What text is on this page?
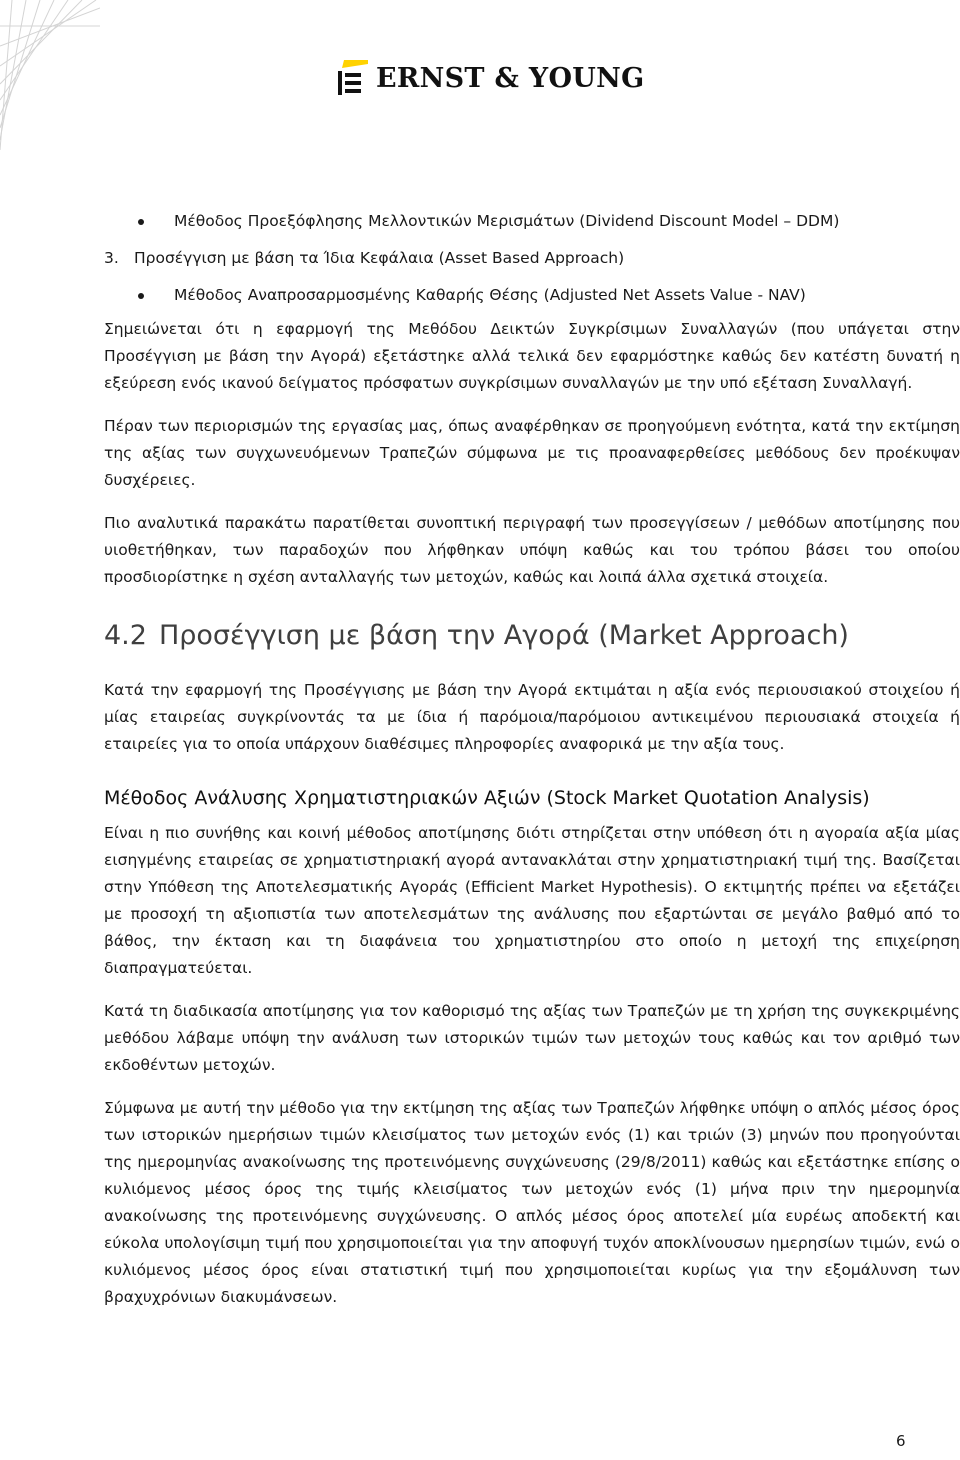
ERNST & YOUNG
Μέθοδος Προεξόφλησης Μελλοντικών Μερισμάτων (Dividend Discount Model – DDM)
3. Προσέγγιση με βάση τα Ίδια Κεφάλαια (Asset Based Approach)
Μέθοδος Αναπροσαρμοσμένης Καθαρής Θέσης (Adjusted Net Assets Value - NAV)

Σημειώνεται ότι η εφαρμογή της Μεθόδου Δεικτών Συγκρίσιμων Συναλλαγών (που υπάγεται στην Προσέγγιση με βάση την Αγορά) εξετάστηκε αλλά τελικά δεν εφαρμόστηκε καθώς δεν κατέστη δυνατή η εξεύρεση ενός ικανού δείγματος πρόσφατων συγκρίσιμων συναλλαγών με την υπό εξέταση Συναλλαγή.

Πέραν των περιορισμών της εργασίας μας, όπως αναφέρθηκαν σε προηγούμενη ενότητα, κατά την εκτίμηση της αξίας των συγχωνευόμενων Τραπεζών σύμφωνα με τις προαναφερθείσες μεθόδους δεν προέκυψαν δυσχέρειες.

Πιο αναλυτικά παρακάτω παρατίθεται συνοπτική περιγραφή των προσεγγίσεων / μεθόδων αποτίμησης που υιοθετήθηκαν, των παραδοχών που λήφθηκαν υπόψη καθώς και του τρόπου βάσει του οποίου προσδιορίστηκε η σχέση ανταλλαγής των μετοχών, καθώς και λοιπά άλλα σχετικά στοιχεία.

4.2 Προσέγγιση με βάση την Αγορά (Market Approach)

Κατά την εφαρμογή της Προσέγγισης με βάση την Αγορά εκτιμάται η αξία ενός περιουσιακού στοιχείου ή μίας εταιρείας συγκρίνοντάς τα με ίδια ή παρόμοια/παρόμοιου αντικειμένου περιουσιακά στοιχεία ή εταιρείες για το οποία υπάρχουν διαθέσιμες πληροφορίες αναφορικά με την αξία τους.

Μέθοδος Ανάλυσης Χρηματιστηριακών Αξιών (Stock Market Quotation Analysis)

Είναι η πιο συνήθης και κοινή μέθοδος αποτίμησης διότι στηρίζεται στην υπόθεση ότι η αγοραία αξία μίας εισηγμένης εταιρείας σε χρηματιστηριακή αγορά αντανακλάται στην χρηματιστηριακή τιμή της. Βασίζεται στην Υπόθεση της Αποτελεσματικής Αγοράς (Efficient Market Hypothesis). Ο εκτιμητής πρέπει να εξετάζει με προσοχή τη αξιοπιστία των αποτελεσμάτων της ανάλυσης που εξαρτώνται σε μεγάλο βαθμό από το βάθος, την έκταση και τη διαφάνεια του χρηματιστηρίου στο οποίο η μετοχή της επιχείρηση διαπραγματεύεται.

Κατά τη διαδικασία αποτίμησης για τον καθορισμό της αξίας των Τραπεζών με τη χρήση της συγκεκριμένης μεθόδου λάβαμε υπόψη την ανάλυση των ιστορικών τιμών των μετοχών τους καθώς και τον αριθμό των εκδοθέντων μετοχών.

Σύμφωνα με αυτή την μέθοδο για την εκτίμηση της αξίας των Τραπεζών λήφθηκε υπόψη ο απλός μέσος όρος των ιστορικών ημερήσιων τιμών κλεισίματος των μετοχών ενός (1) και τριών (3) μηνών που προηγούνται της ημερομηνίας ανακοίνωσης της προτεινόμενης συγχώνευσης (29/8/2011) καθώς και εξετάστηκε επίσης ο κυλιόμενος μέσος όρος της τιμής κλεισίματος των μετοχών ενός (1) μήνα πριν την ημερομηνία ανακοίνωσης της προτεινόμενης συγχώνευσης. Ο απλός μέσος όρος αποτελεί μία ευρέως αποδεκτή και εύκολα υπολογίσιμη τιμή που χρησιμοποιείται για την αποφυγή τυχόν αποκλίνουσων ημερησίων τιμών, ενώ ο κυλιόμενος μέσος όρος είναι στατιστική τιμή που χρησιμοποιείται κυρίως για την εξομάλυνση των βραχυχρόνιων διακυμάνσεων.

6
